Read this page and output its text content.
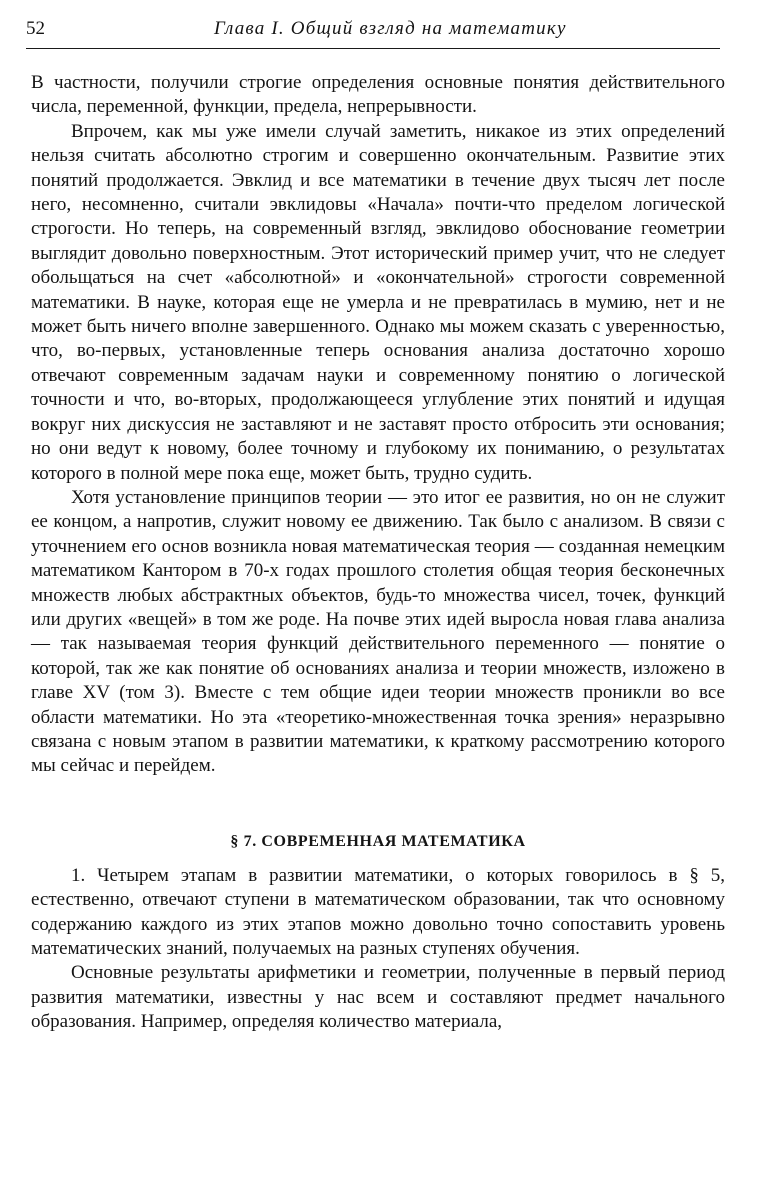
52	Глава I. Общий взгляд на математику

В частности, получили строгие определения основные понятия действительного числа, переменной, функции, предела, непрерывности.

Впрочем, как мы уже имели случай заметить, никакое из этих определений нельзя считать абсолютно строгим и совершенно окончательным. Развитие этих понятий продолжается. Эвклид и все математики в течение двух тысяч лет после него, несомненно, считали эвклидовы «Начала» почти-что пределом логической строгости. Но теперь, на современный взгляд, эвклидово обоснование геометрии выглядит довольно поверхностным. Этот исторический пример учит, что не следует обольщаться на счет «абсолютной» и «окончательной» строгости современной математики. В науке, которая еще не умерла и не превратилась в мумию, нет и не может быть ничего вполне завершенного. Однако мы можем сказать с уверенностью, что, во-первых, установленные теперь основания анализа достаточно хорошо отвечают современным задачам науки и современному понятию о логической точности и что, во-вторых, продолжающееся углубление этих понятий и идущая вокруг них дискуссия не заставляют и не заставят просто отбросить эти основания; но они ведут к новому, более точному и глубокому их пониманию, о результатах которого в полной мере пока еще, может быть, трудно судить.

Хотя установление принципов теории — это итог ее развития, но он не служит ее концом, а напротив, служит новому ее движению. Так было с анализом. В связи с уточнением его основ возникла новая математическая теория — созданная немецким математиком Кантором в 70-х годах прошлого столетия общая теория бесконечных множеств любых абстрактных объектов, будь-то множества чисел, точек, функций или других «вещей» в том же роде. На почве этих идей выросла новая глава анализа — так называемая теория функций действительного переменного — понятие о которой, так же как понятие об основаниях анализа и теории множеств, изложено в главе XV (том 3). Вместе с тем общие идеи теории множеств проникли во все области математики. Но эта «теоретико-множественная точка зрения» неразрывно связана с новым этапом в развитии математики, к краткому рассмотрению которого мы сейчас и перейдем.

§ 7. СОВРЕМЕННАЯ МАТЕМАТИКА

1. Четырем этапам в развитии математики, о которых говорилось в § 5, естественно, отвечают ступени в математическом образовании, так что основному содержанию каждого из этих этапов можно довольно точно сопоставить уровень математических знаний, получаемых на разных ступенях обучения.

Основные результаты арифметики и геометрии, полученные в первый период развития математики, известны у нас всем и составляют предмет начального образования. Например, определяя количество материала,
